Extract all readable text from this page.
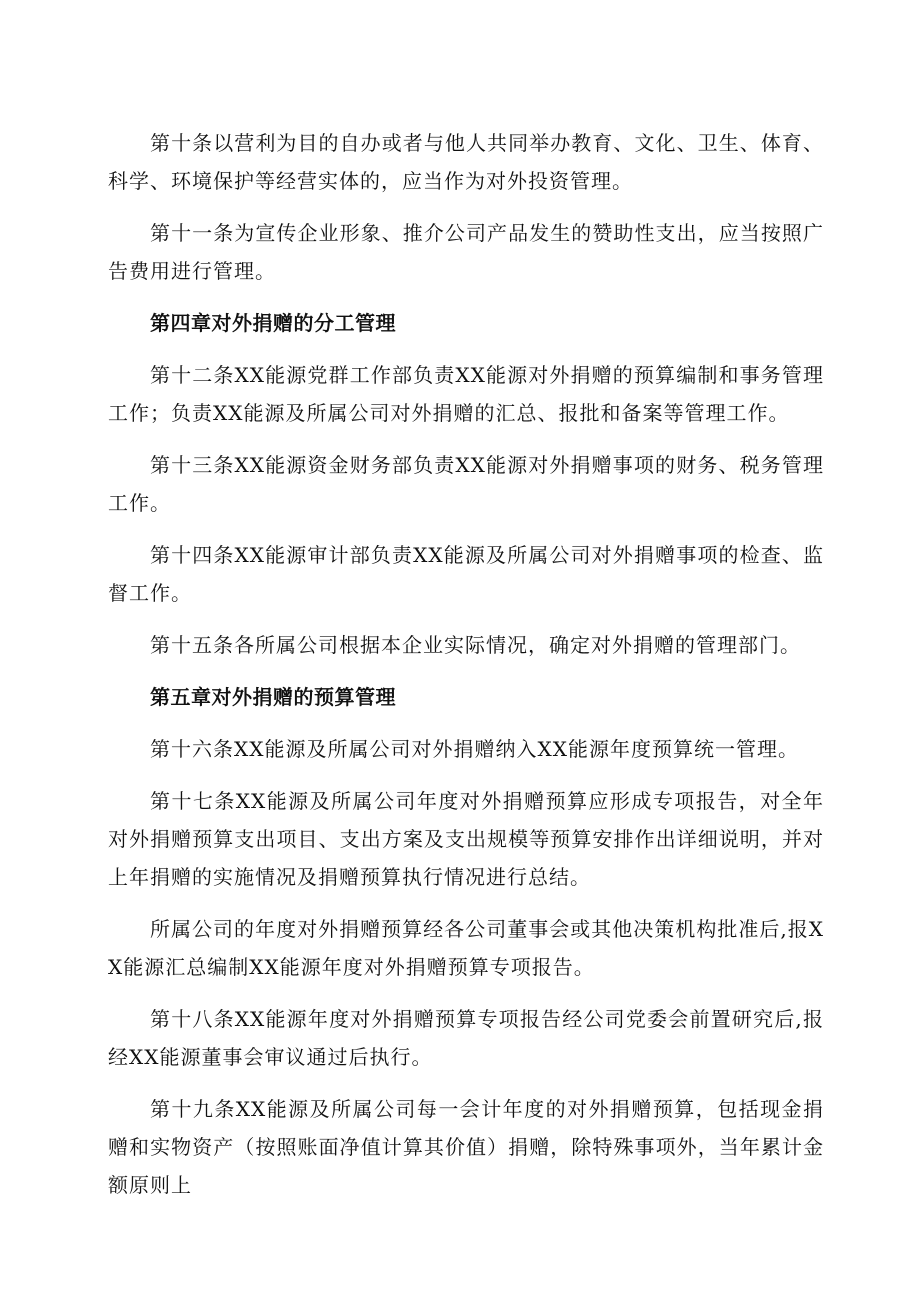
第十条以营利为目的自办或者与他人共同举办教育、文化、卫生、体育、科学、环境保护等经营实体的，应当作为对外投资管理。

第十一条为宣传企业形象、推介公司产品发生的赞助性支出，应当按照广告费用进行管理。

第四章对外捐赠的分工管理

第十二条XX能源党群工作部负责XX能源对外捐赠的预算编制和事务管理工作；负责XX能源及所属公司对外捐赠的汇总、报批和备案等管理工作。

第十三条XX能源资金财务部负责XX能源对外捐赠事项的财务、税务管理工作。

第十四条XX能源审计部负责XX能源及所属公司对外捐赠事项的检查、监督工作。

第十五条各所属公司根据本企业实际情况，确定对外捐赠的管理部门。

第五章对外捐赠的预算管理

第十六条XX能源及所属公司对外捐赠纳入XX能源年度预算统一管理。

第十七条XX能源及所属公司年度对外捐赠预算应形成专项报告，对全年对外捐赠预算支出项目、支出方案及支出规模等预算安排作出详细说明，并对上年捐赠的实施情况及捐赠预算执行情况进行总结。

所属公司的年度对外捐赠预算经各公司董事会或其他决策机构批准后,报XX能源汇总编制XX能源年度对外捐赠预算专项报告。

第十八条XX能源年度对外捐赠预算专项报告经公司党委会前置研究后,报经XX能源董事会审议通过后执行。

第十九条XX能源及所属公司每一会计年度的对外捐赠预算，包括现金捐赠和实物资产（按照账面净值计算其价值）捐赠，除特殊事项外，当年累计金额原则上
